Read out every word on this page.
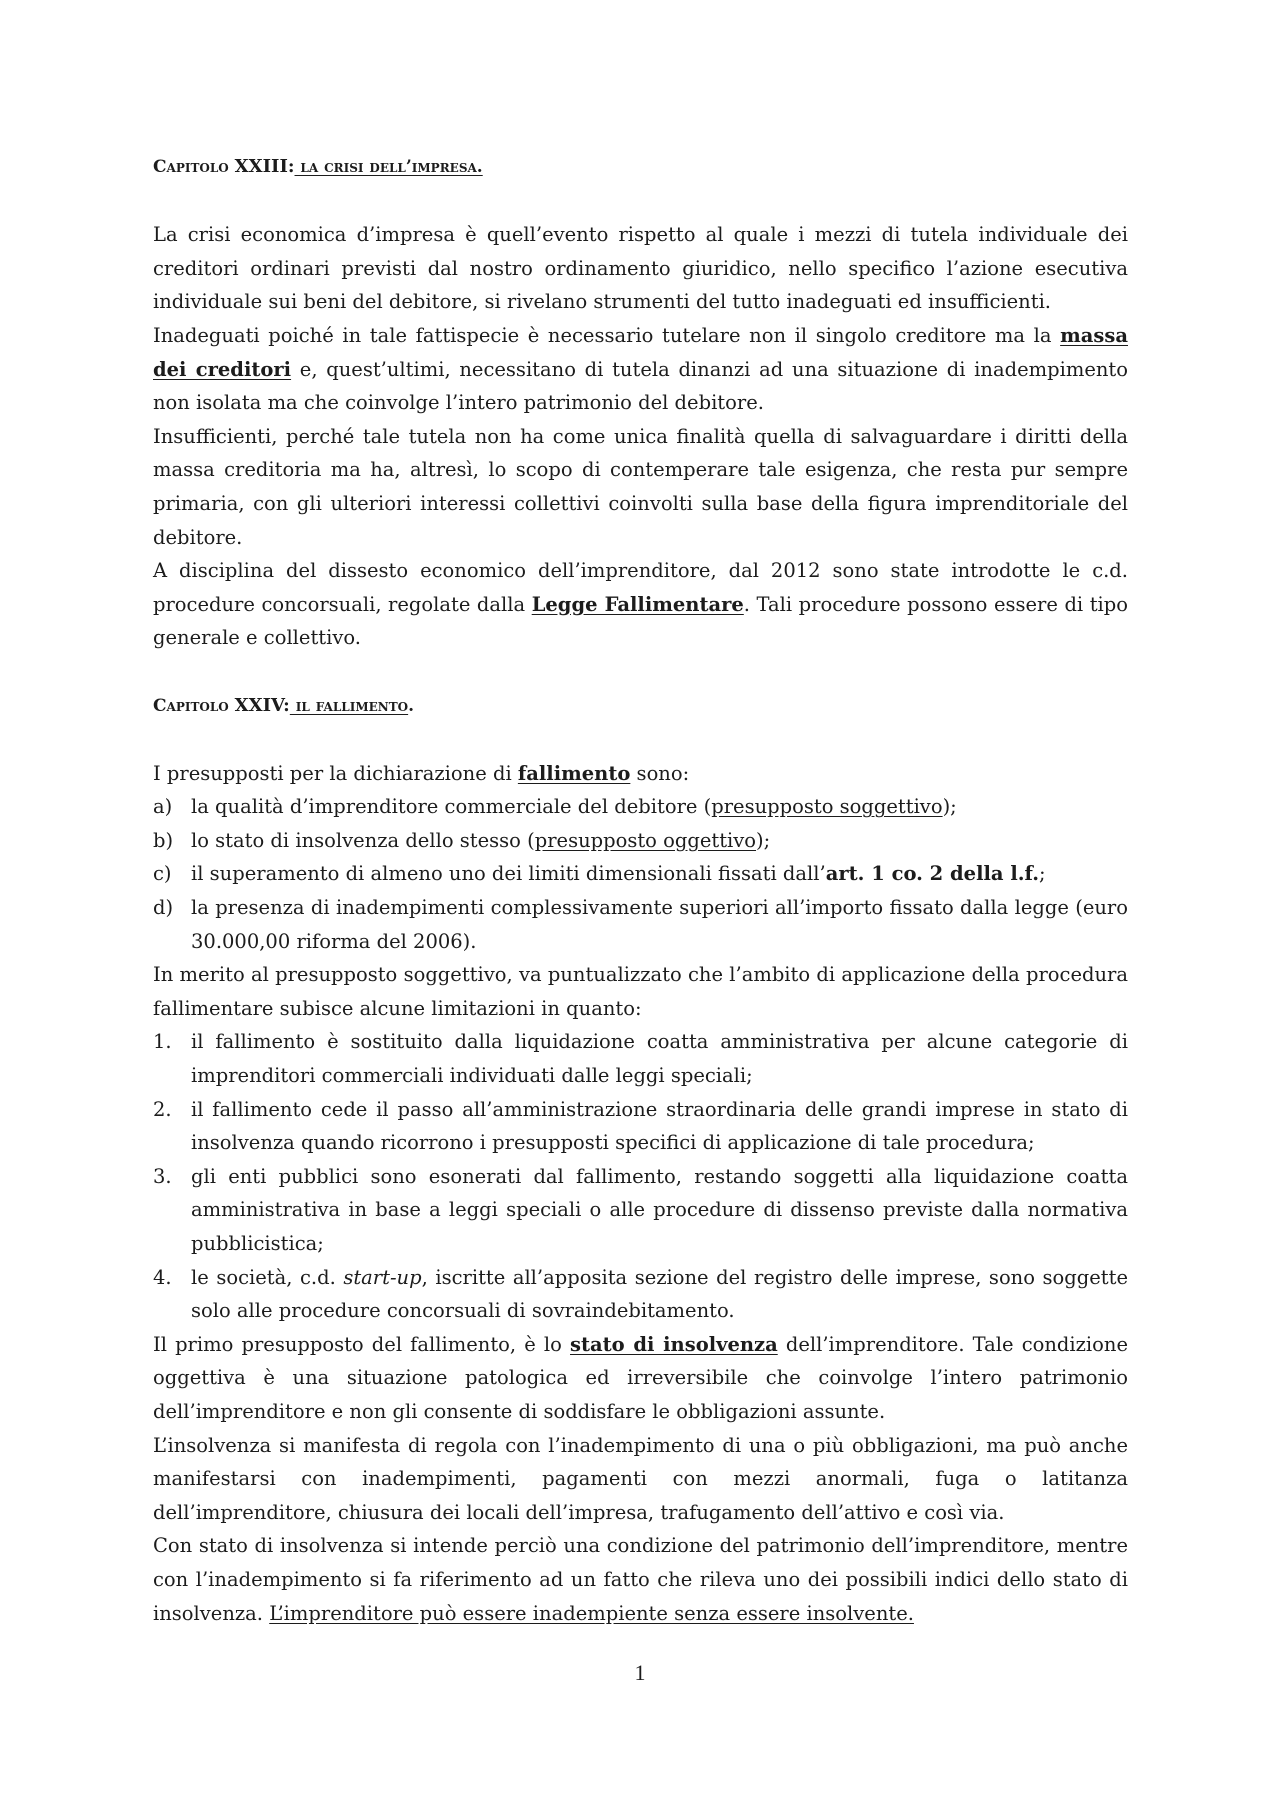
Capitolo XXIII: la crisi dell’impresa.

La crisi economica d’impresa è quell’evento rispetto al quale i mezzi di tutela individuale dei creditori ordinari previsti dal nostro ordinamento giuridico, nello specifico l’azione esecutiva individuale sui beni del debitore, si rivelano strumenti del tutto inadeguati ed insufficienti.

Inadeguati poiché in tale fattispecie è necessario tutelare non il singolo creditore ma la massa dei creditori e, quest’ultimi, necessitano di tutela dinanzi ad una situazione di inadempimento non isolata ma che coinvolge l’intero patrimonio del debitore.

Insufficienti, perché tale tutela non ha come unica finalità quella di salvaguardare i diritti della massa creditoria ma ha, altresì, lo scopo di contemperare tale esigenza, che resta pur sempre primaria, con gli ulteriori interessi collettivi coinvolti sulla base della figura imprenditoriale del debitore.

A disciplina del dissesto economico dell’imprenditore, dal 2012 sono state introdotte le c.d. procedure concorsuali, regolate dalla Legge Fallimentare. Tali procedure possono essere di tipo generale e collettivo.

Capitolo XXIV: il fallimento.

I presupposti per la dichiarazione di fallimento sono:

a) la qualità d’imprenditore commerciale del debitore (presupposto soggettivo);
b) lo stato di insolvenza dello stesso (presupposto oggettivo);
c) il superamento di almeno uno dei limiti dimensionali fissati dall’art. 1 co. 2 della l.f.;
d) la presenza di inadempimenti complessivamente superiori all’importo fissato dalla legge (euro 30.000,00 riforma del 2006).

In merito al presupposto soggettivo, va puntualizzato che l’ambito di applicazione della procedura fallimentare subisce alcune limitazioni in quanto:

1. il fallimento è sostituito dalla liquidazione coatta amministrativa per alcune categorie di imprenditori commerciali individuati dalle leggi speciali;
2. il fallimento cede il passo all’amministrazione straordinaria delle grandi imprese in stato di insolvenza quando ricorrono i presupposti specifici di applicazione di tale procedura;
3. gli enti pubblici sono esonerati dal fallimento, restando soggetti alla liquidazione coatta amministrativa in base a leggi speciali o alle procedure di dissenso previste dalla normativa pubblicistica;
4. le società, c.d. start-up, iscritte all’apposita sezione del registro delle imprese, sono soggette solo alle procedure concorsuali di sovraindebitamento.

Il primo presupposto del fallimento, è lo stato di insolvenza dell’imprenditore. Tale condizione oggettiva è una situazione patologica ed irreversibile che coinvolge l’intero patrimonio dell’imprenditore e non gli consente di soddisfare le obbligazioni assunte.

L’insolvenza si manifesta di regola con l’inadempimento di una o più obbligazioni, ma può anche manifestarsi con inadempimenti, pagamenti con mezzi anormali, fuga o latitanza dell’imprenditore, chiusura dei locali dell’impresa, trafugamento dell’attivo e così via.

Con stato di insolvenza si intende perciò una condizione del patrimonio dell’imprenditore, mentre con l’inadempimento si fa riferimento ad un fatto che rileva uno dei possibili indici dello stato di insolvenza. L’imprenditore può essere inadempiente senza essere insolvente.

1
